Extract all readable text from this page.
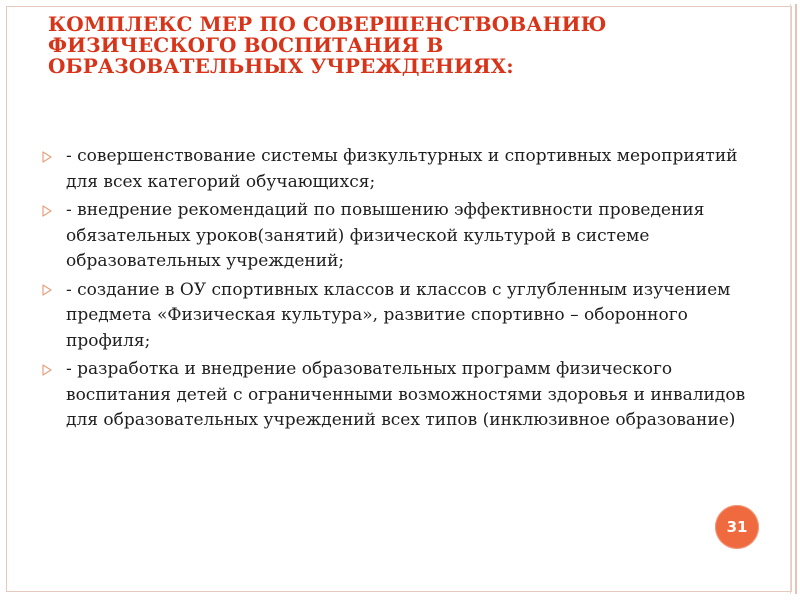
КОМПЛЕКС МЕР ПО СОВЕРШЕНСТВОВАНИЮ ФИЗИЧЕСКОГО ВОСПИТАНИЯ В ОБРАЗОВАТЕЛЬНЫХ УЧРЕЖДЕНИЯХ:
- совершенствование системы физкультурных и спортивных мероприятий для всех категорий обучающихся;
- внедрение рекомендаций по повышению эффективности проведения обязательных уроков(занятий) физической культурой в системе образовательных учреждений;
- создание в ОУ спортивных классов и классов с углубленным изучением предмета «Физическая культура», развитие спортивно – оборонного профиля;
- разработка и внедрение образовательных программ физического воспитания детей с ограниченными возможностями здоровья и инвалидов для образовательных учреждений всех типов (инклюзивное образование)
31
